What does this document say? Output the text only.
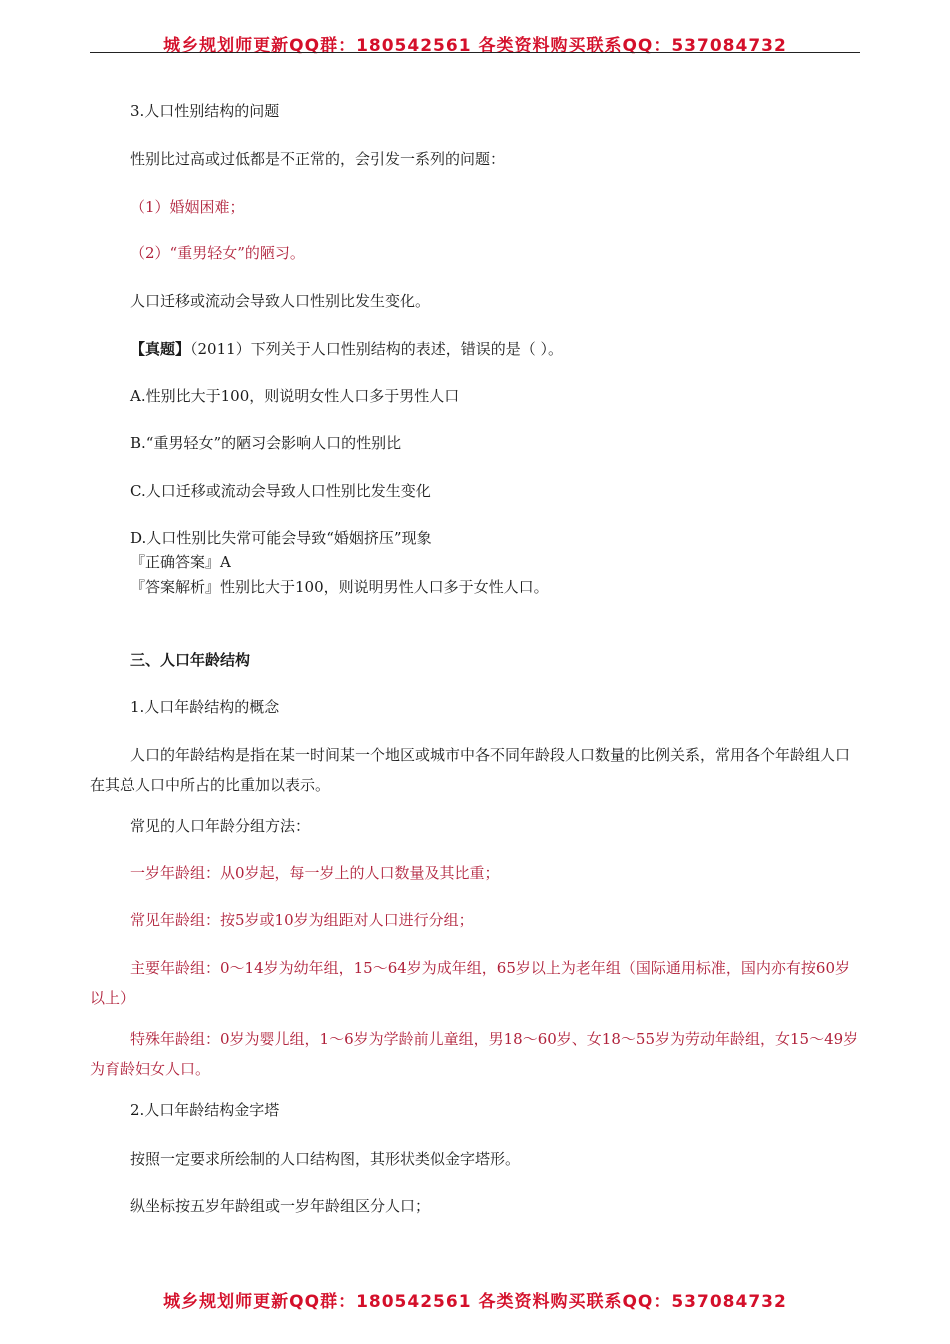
城乡规划师更新QQ群：180542561 各类资料购买联系QQ：537084732
3.人口性别结构的问题
性别比过高或过低都是不正常的，会引发一系列的问题：
（1）婚姻困难；
（2）“重男轻女”的陋习。
人口迁移或流动会导致人口性别比发生变化。
【真题】（2011）下列关于人口性别结构的表述，错误的是（ ）。
A.性别比大于100，则说明女性人口多于男性人口
B.“重男轻女”的陋习会影响人口的性别比
C.人口迁移或流动会导致人口性别比发生变化
D.人口性别比失常可能会导致“婚姻挤压”现象
『正确答案』A
『答案解析』性别比大于100，则说明男性人口多于女性人口。
三、人口年龄结构
1.人口年龄结构的概念
人口的年龄结构是指在某一时间某一个地区或城市中各不同年龄段人口数量的比例关系，常用各个年龄组人口在其总人口中所占的比重加以表示。
常见的人口年龄分组方法：
一岁年龄组：从0岁起，每一岁上的人口数量及其比重；
常见年龄组：按5岁或10岁为组距对人口进行分组；
主要年龄组：0～14岁为幼年组，15～64岁为成年组，65岁以上为老年组（国际通用标准，国内亦有按60岁以上）
特殊年龄组：0岁为婴儿组，1～6岁为学龄前儿童组，男18～60岁、女18～55岁为劳动年龄组，女15～49岁为育龄妇女人口。
2.人口年龄结构金字塔
按照一定要求所绘制的人口结构图，其形状类似金字塔形。
纵坐标按五岁年龄组或一岁年龄组区分人口；
城乡规划师更新QQ群：180542561 各类资料购买联系QQ：537084732
